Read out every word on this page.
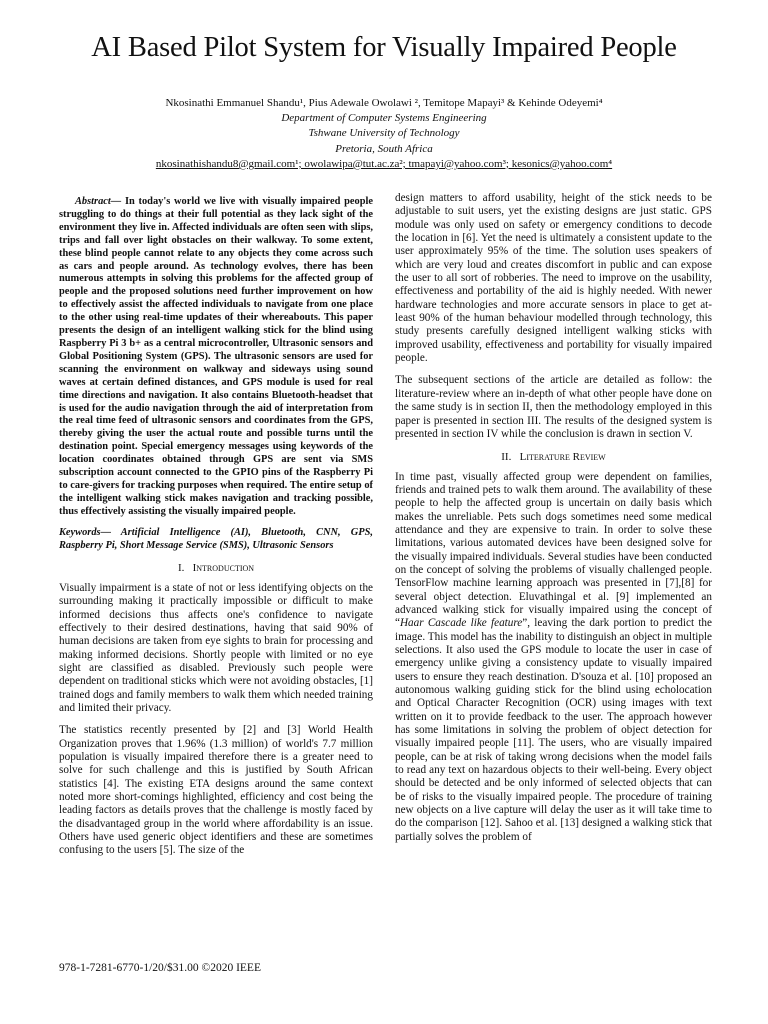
AI Based Pilot System for Visually Impaired People
Nkosinathi Emmanuel Shandu¹, Pius Adewale Owolawi ², Temitope Mapayi³ & Kehinde Odeyemi⁴
Department of Computer Systems Engineering
Tshwane University of Technology
Pretoria, South Africa
nkosinathishandu8@gmail.com¹; owolawipa@tut.ac.za²; tmapayi@yahoo.com³; kesonics@yahoo.com⁴

Abstract— In today's world we live with visually impaired people struggling to do things at their full potential as they lack sight of the environment they live in. Affected individuals are often seen with slips, trips and fall over light obstacles on their walkway. To some extent, these blind people cannot relate to any objects they come across such as cars and people around. As technology evolves, there has been numerous attempts in solving this problems for the affected group of people and the proposed solutions need further improvement on how to effectively assist the affected individuals to navigate from one place to the other using real-time updates of their whereabouts. This paper presents the design of an intelligent walking stick for the blind using Raspberry Pi 3 b+ as a central microcontroller, Ultrasonic sensors and Global Positioning System (GPS). The ultrasonic sensors are used for scanning the environment on walkway and sideways using sound waves at certain defined distances, and GPS module is used for real time directions and navigation. It also contains Bluetooth-headset that is used for the audio navigation through the aid of interpretation from the real time feed of ultrasonic sensors and coordinates from the GPS, thereby giving the user the actual route and possible turns until the destination point. Special emergency messages using keywords of the location coordinates obtained through GPS are sent via SMS subscription account connected to the GPIO pins of the Raspberry Pi to care-givers for tracking purposes when required. The entire setup of the intelligent walking stick makes navigation and tracking possible, thus effectively assisting the visually impaired people.

Keywords— Artificial Intelligence (AI), Bluetooth, CNN, GPS, Raspberry Pi, Short Message Service (SMS), Ultrasonic Sensors

I. Introduction

Visually impairment is a state of not or less identifying objects on the surrounding making it practically impossible or difficult to make informed decisions thus affects one's confidence to navigate effectively to their desired destinations, having that said 90% of human decisions are taken from eye sights to brain for processing and making informed decisions. Shortly people with limited or no eye sight are classified as disabled. Previously such people were dependent on traditional sticks which were not avoiding obstacles, [1] trained dogs and family members to walk them which needed training and limited their privacy.

The statistics recently presented by [2] and [3] World Health Organization proves that 1.96% (1.3 million) of world's 7.7 million population is visually impaired therefore there is a greater need to solve for such challenge and this is justified by South African statistics [4]. The existing ETA designs around the same context noted more short-comings highlighted, efficiency and cost being the leading factors as details proves that the challenge is mostly faced by the disadvantaged group in the world where affordability is an issue. Others have used generic object identifiers and these are sometimes confusing to the users [5]. The size of the

design matters to afford usability, height of the stick needs to be adjustable to suit users, yet the existing designs are just static. GPS module was only used on safety or emergency conditions to decode the location in [6]. Yet the need is ultimately a consistent update to the user approximately 95% of the time. The solution uses speakers of which are very loud and creates discomfort in public and can expose the user to all sort of robberies. The need to improve on the usability, effectiveness and portability of the aid is highly needed. With newer hardware technologies and more accurate sensors in place to get at-least 90% of the human behaviour modelled through technology, this study presents carefully designed intelligent walking sticks with improved usability, effectiveness and portability for visually impaired people.

The subsequent sections of the article are detailed as follow: the literature-review where an in-depth of what other people have done on the same study is in section II, then the methodology employed in this paper is presented in section III. The results of the designed system is presented in section IV while the conclusion is drawn in section V.

II. Literature Review

In time past, visually affected group were dependent on families, friends and trained pets to walk them around. The availability of these people to help the affected group is uncertain on daily basis which makes the unreliable. Pets such dogs sometimes need some medical attendance and they are expensive to train. In order to solve these limitations, various automated devices have been designed solve for the visually impaired individuals. Several studies have been conducted on the concept of solving the problems of visually challenged people. TensorFlow machine learning approach was presented in [7],[8] for several object detection. Eluvathingal et al. [9] implemented an advanced walking stick for visually impaired using the concept of “Haar Cascade like feature”, leaving the dark portion to predict the image. This model has the inability to distinguish an object in multiple selections. It also used the GPS module to locate the user in case of emergency unlike giving a consistency update to visually impaired users to ensure they reach destination. D'souza et al. [10] proposed an autonomous walking guiding stick for the blind using echolocation and Optical Character Recognition (OCR) using images with text written on it to provide feedback to the user. The approach however has some limitations in solving the problem of object detection for visually impaired people [11]. The users, who are visually impaired people, can be at risk of taking wrong decisions when the model fails to read any text on hazardous objects to their well-being. Every object should be detected and be only informed of selected objects that can be of risks to the visually impaired people. The procedure of training new objects on a live capture will delay the user as it will take time to do the comparison [12]. Sahoo et al. [13] designed a walking stick that partially solves the problem of

978-1-7281-6770-1/20/$31.00 ©2020 IEEE
